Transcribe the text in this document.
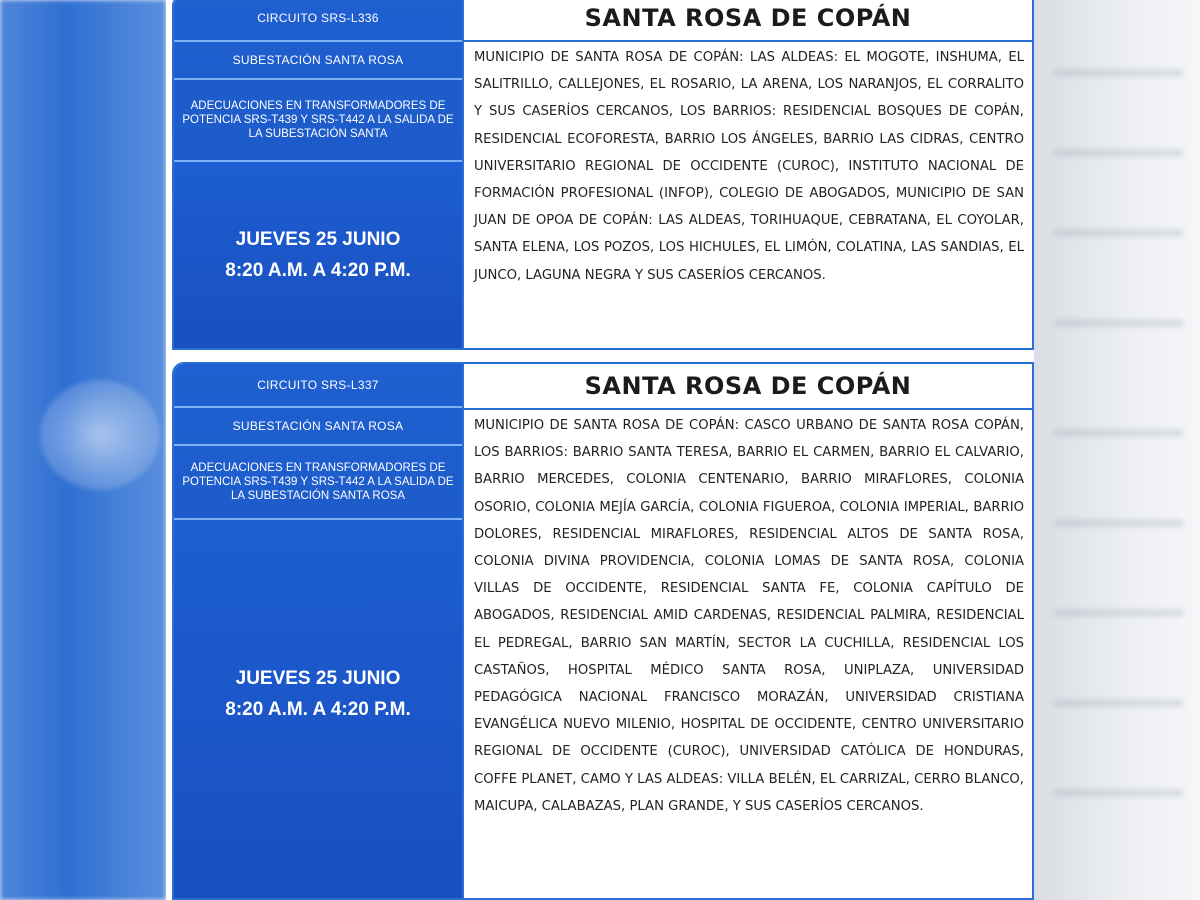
CIRCUITO SRS-L336
SUBESTACIÓN SANTA ROSA
ADECUACIONES EN TRANSFORMADORES DE POTENCIA SRS-T439 Y SRS-T442 A LA SALIDA DE LA SUBESTACIÓN SANTA
JUEVES 25 JUNIO
8:20 A.M. A 4:20 P.M.
SANTA ROSA DE COPÁN
MUNICIPIO DE SANTA ROSA DE COPÁN: LAS ALDEAS: EL MOGOTE, INSHUMA, EL SALITRILLO, CALLEJONES, EL ROSARIO, LA ARENA, LOS NARANJOS, EL CORRALITO Y SUS CASERÍOS CERCANOS, LOS BARRIOS: RESIDENCIAL BOSQUES DE COPÁN, RESIDENCIAL ECOFORESTA, BARRIO LOS ÁNGELES, BARRIO LAS CIDRAS, CENTRO UNIVERSITARIO REGIONAL DE OCCIDENTE (CUROC), INSTITUTO NACIONAL DE FORMACIÓN PROFESIONAL (INFOP), COLEGIO DE ABOGADOS, MUNICIPIO DE SAN JUAN DE OPOA DE COPÁN: LAS ALDEAS, TORIHUAQUE, CEBRATANA, EL COYOLAR, SANTA ELENA, LOS POZOS, LOS HICHULES, EL LIMÓN, COLATINA, LAS SANDIAS, EL JUNCO, LAGUNA NEGRA Y SUS CASERÍOS CERCANOS.
CIRCUITO SRS-L337
SUBESTACIÓN SANTA ROSA
ADECUACIONES EN TRANSFORMADORES DE POTENCIA SRS-T439 Y SRS-T442 A LA SALIDA DE LA SUBESTACIÓN SANTA ROSA
JUEVES 25 JUNIO
8:20 A.M. A 4:20 P.M.
SANTA ROSA DE COPÁN
MUNICIPIO DE SANTA ROSA DE COPÁN: CASCO URBANO DE SANTA ROSA COPÁN, LOS BARRIOS: BARRIO SANTA TERESA, BARRIO EL CARMEN, BARRIO EL CALVARIO, BARRIO MERCEDES, COLONIA CENTENARIO, BARRIO MIRAFLORES, COLONIA OSORIO, COLONIA MEJÍA GARCÍA, COLONIA FIGUEROA, COLONIA IMPERIAL, BARRIO DOLORES, RESIDENCIAL MIRAFLORES, RESIDENCIAL ALTOS DE SANTA ROSA, COLONIA DIVINA PROVIDENCIA, COLONIA LOMAS DE SANTA ROSA, COLONIA VILLAS DE OCCIDENTE, RESIDENCIAL SANTA FE, COLONIA CAPÍTULO DE ABOGADOS, RESIDENCIAL AMID CARDENAS, RESIDENCIAL PALMIRA, RESIDENCIAL EL PEDREGAL, BARRIO SAN MARTÍN, SECTOR LA CUCHILLA, RESIDENCIAL LOS CASTAÑOS, HOSPITAL MÉDICO SANTA ROSA, UNIPLAZA, UNIVERSIDAD PEDAGÓGICA NACIONAL FRANCISCO MORAZÁN, UNIVERSIDAD CRISTIANA EVANGÉLICA NUEVO MILENIO, HOSPITAL DE OCCIDENTE, CENTRO UNIVERSITARIO REGIONAL DE OCCIDENTE (CUROC), UNIVERSIDAD CATÓLICA DE HONDURAS, COFFE PLANET, CAMO Y LAS ALDEAS: VILLA BELÉN, EL CARRIZAL, CERRO BLANCO, MAICUPA, CALABAZAS, PLAN GRANDE, Y SUS CASERÍOS CERCANOS.
